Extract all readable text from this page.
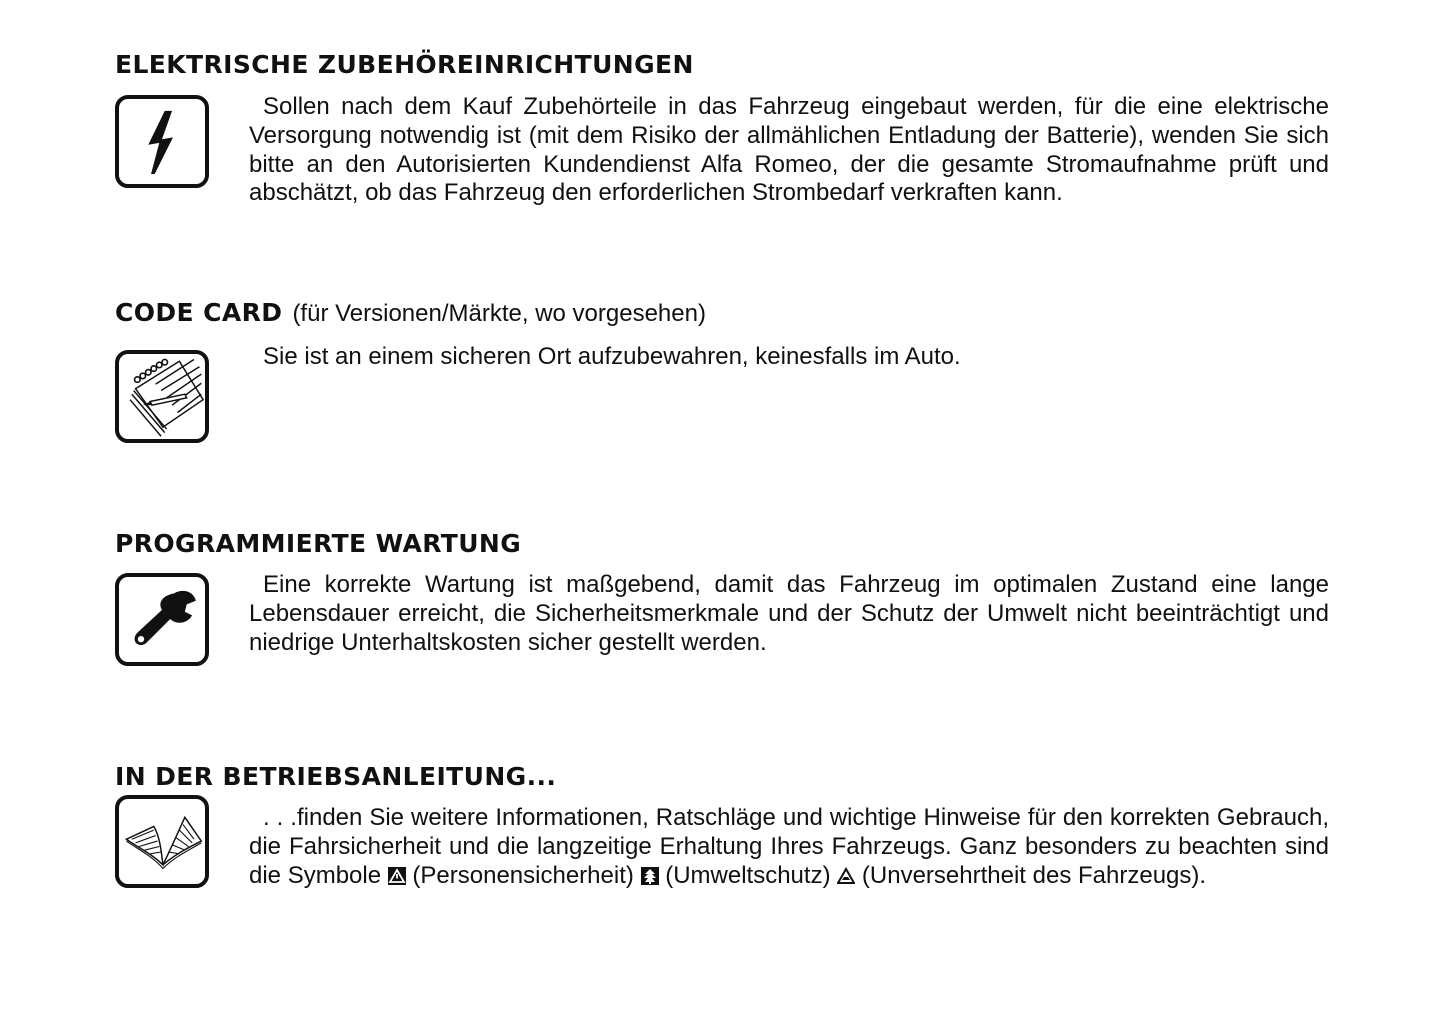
ELEKTRISCHE ZUBEHÖREINRICHTUNGEN
Sollen nach dem Kauf Zubehörteile in das Fahrzeug eingebaut werden, für die eine elektrische Versorgung notwendig ist (mit dem Risiko der allmählichen Entladung der Batterie), wenden Sie sich bitte an den Autorisierten Kundendienst Alfa Romeo, der die gesamte Stromaufnahme prüft und abschätzt, ob das Fahrzeug den erforderlichen Strombedarf verkraften kann.
CODE CARD (für Versionen/Märkte, wo vorgesehen)
Sie ist an einem sicheren Ort aufzubewahren, keinesfalls im Auto.
PROGRAMMIERTE WARTUNG
Eine korrekte Wartung ist maßgebend, damit das Fahrzeug im optimalen Zustand eine lange Lebensdauer erreicht, die Sicherheitsmerkmale und der Schutz der Umwelt nicht beeinträchtigt und niedrige Unterhaltskosten sicher gestellt werden.
IN DER BETRIEBSANLEITUNG...
. . .finden Sie weitere Informationen, Ratschläge und wichtige Hinweise für den korrekten Gebrauch, die Fahrsicherheit und die langzeitige Erhaltung Ihres Fahrzeugs. Ganz besonders zu beachten sind die Symbole (Personensicherheit) (Umweltschutz) (Unversehrtheit des Fahrzeugs).
